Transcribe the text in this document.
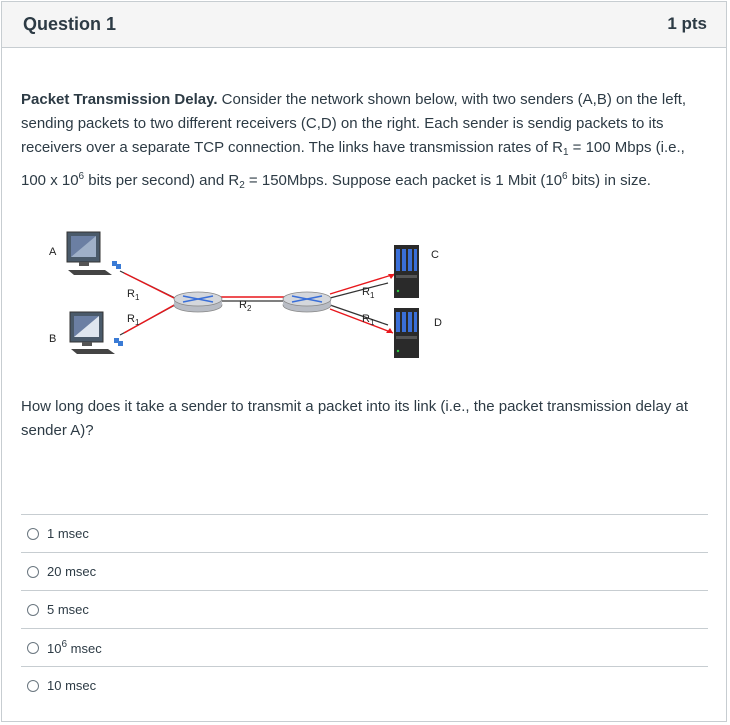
Question 1	1 pts
Packet Transmission Delay. Consider the network shown below, with two senders (A,B) on the left, sending packets to two different receivers (C,D) on the right. Each sender is sendig packets to its receivers over a separate TCP connection. The links have transmission rates of $R_1 = 100$ Mbps (i.e., 100 x $10^6$ bits per second) and $R_2$ = 150Mbps. Suppose each packet is 1 Mbit ($10^6$ bits) in size.
A
B
C
D
$R_1$
$R_1$
$R_2$
$R_1$
$R_1$
How long does it take a sender to transmit a packet into its link (i.e., the packet transmission delay at sender A)?
1 msec
20 msec
5 msec
$10^6$ msec
10 msec
